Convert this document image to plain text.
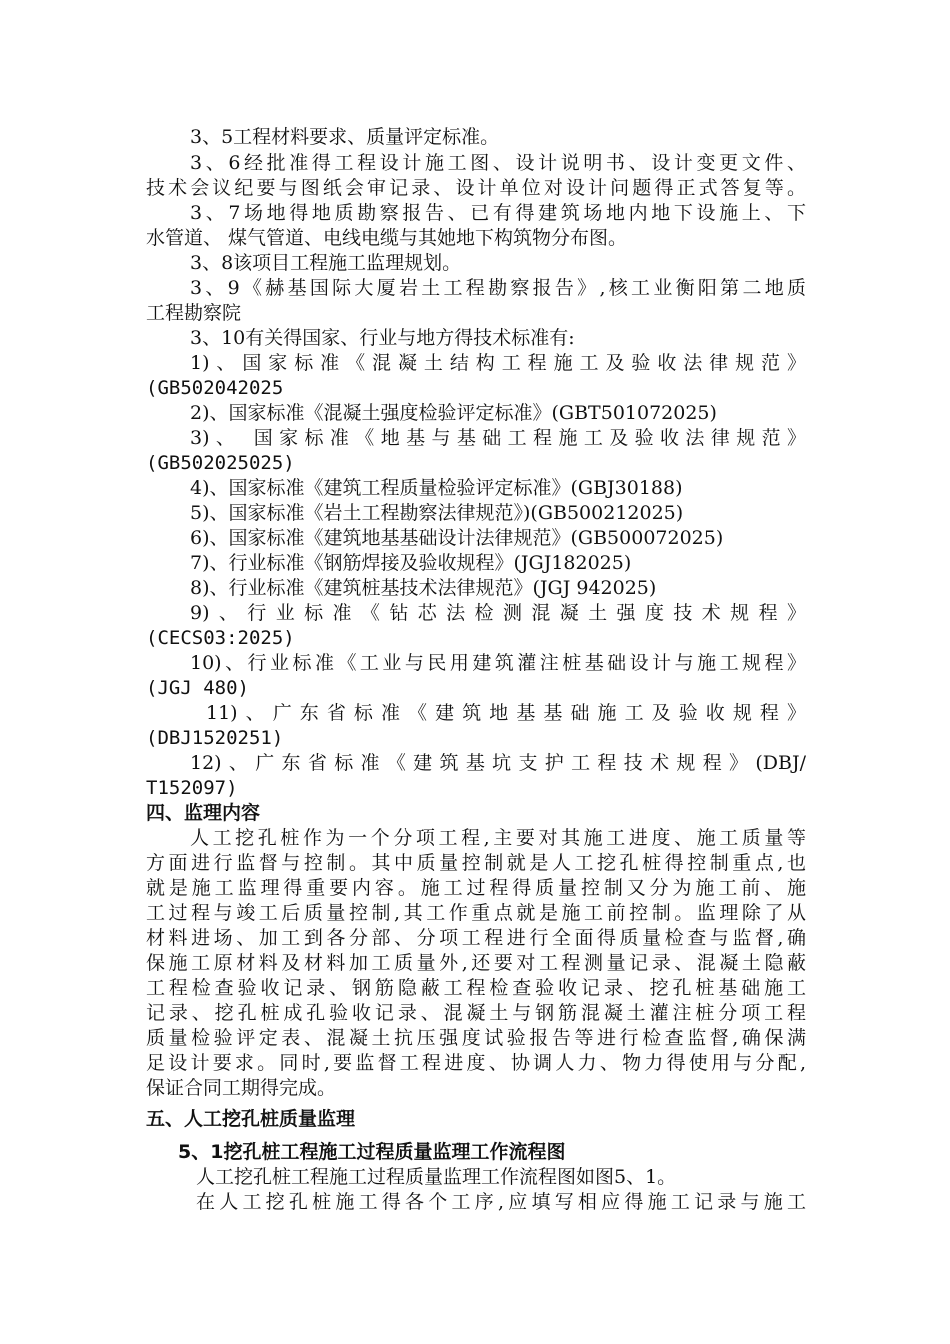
3、5工程材料要求、质量评定标准。
3、6经批准得工程设计施工图、设计说明书、设计变更文件、
技术会议纪要与图纸会审记录、设计单位对设计问题得正式答复等。
3、7场地得地质勘察报告、已有得建筑场地内地下设施上、下
水管道、 煤气管道、电线电缆与其她地下构筑物分布图。
3、8该项目工程施工监理规划。
3、9《赫基国际大厦岩土工程勘察报告》,核工业衡阳第二地质
工程勘察院
3、10有关得国家、行业与地方得技术标准有:
1)、国家标准《混凝土结构工程施工及验收法律规范》
(GB502042025
2)、国家标准《混凝土强度检验评定标准》(GBT501072025)
3)、 国家标准《地基与基础工程施工及验收法律规范》
(GB502025025)
4)、国家标准《建筑工程质量检验评定标准》(GBJ30188)
5)、国家标准《岩土工程勘察法律规范》)(GB500212025)
6)、国家标准《建筑地基基础设计法律规范》(GB500072025)
7)、行业标准《钢筋焊接及验收规程》(JGJ182025)
8)、行业标准《建筑桩基技术法律规范》(JGJ 942025)
9)、行业标准《钻芯法检测混凝土强度技术规程》
(CECS03:2025)
10)、行业标准《工业与民用建筑灌注桩基础设计与施工规程》
(JGJ 480)
11)、广东省标准《建筑地基基础施工及验收规程》
(DBJ1520251)
12)、广东省标准《建筑基坑支护工程技术规程》(DBJ/
T152097)
四、监理内容
人工挖孔桩作为一个分项工程,主要对其施工进度、施工质量等
方面进行监督与控制。其中质量控制就是人工挖孔桩得控制重点,也
就是施工监理得重要内容。施工过程得质量控制又分为施工前、施
工过程与竣工后质量控制,其工作重点就是施工前控制。监理除了从
材料进场、加工到各分部、分项工程进行全面得质量检查与监督,确
保施工原材料及材料加工质量外,还要对工程测量记录、混凝土隐蔽
工程检查验收记录、钢筋隐蔽工程检查验收记录、挖孔桩基础施工
记录、挖孔桩成孔验收记录、混凝土与钢筋混凝土灌注桩分项工程
质量检验评定表、混凝土抗压强度试验报告等进行检查监督,确保满
足设计要求。同时,要监督工程进度、协调人力、物力得使用与分配,
保证合同工期得完成。
五、人工挖孔桩质量监理
5、1挖孔桩工程施工过程质量监理工作流程图
人工挖孔桩工程施工过程质量监理工作流程图如图5、1。
在人工挖孔桩施工得各个工序,应填写相应得施工记录与施工
